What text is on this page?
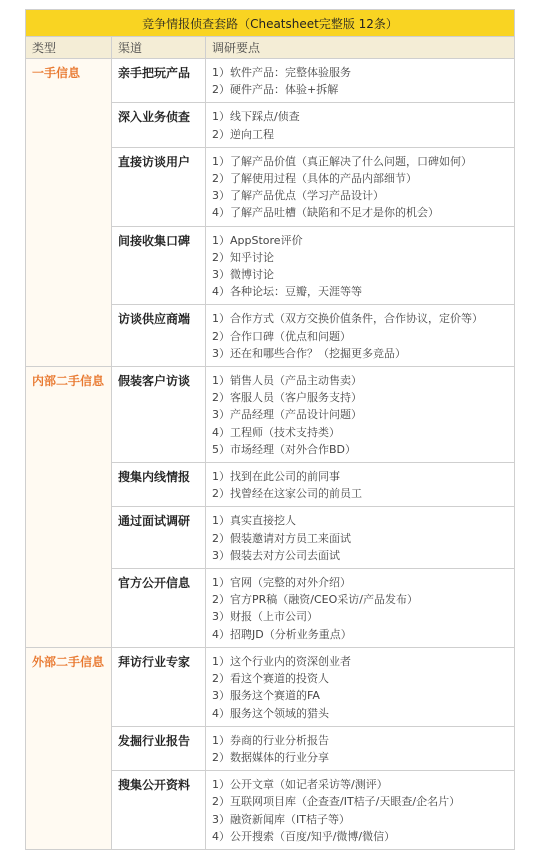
竞争情报侦查套路（Cheatsheet完整版 12条）		
类型	渠道	调研要点
一手信息	亲手把玩产品	1）软件产品：完整体验服务
2）硬件产品：体验+拆解

	深入业务侦查	1）线下踩点/侦查
2）逆向工程

	直接访谈用户	1）了解产品价值（真正解决了什么问题，口碑如何）
2）了解使用过程（具体的产品内部细节）
3）了解产品优点（学习产品设计）
4）了解产品吐槽（缺陷和不足才是你的机会）

	间接收集口碑	1）AppStore评价
2）知乎讨论
3）微博讨论
4）各种论坛：豆瓣，天涯等等

	访谈供应商端	1）合作方式（双方交换价值条件，合作协议，定价等）
2）合作口碑（优点和问题）
3）还在和哪些合作？（挖掘更多竞品）

内部二手信息	假装客户访谈	1）销售人员（产品主动售卖）
2）客服人员（客户服务支持）
3）产品经理（产品设计问题）
4）工程师（技术支持类）
5）市场经理（对外合作BD）

	搜集内线情报	1）找到在此公司的前同事
2）找曾经在这家公司的前员工

	通过面试调研	1）真实直接挖人
2）假装邀请对方员工来面试
3）假装去对方公司去面试

	官方公开信息	1）官网（完整的对外介绍）
2）官方PR稿（融资/CEO采访/产品发布）
3）财报（上市公司）
4）招聘JD（分析业务重点）

外部二手信息	拜访行业专家	1）这个行业内的资深创业者
2）看这个赛道的投资人
3）服务这个赛道的FA
4）服务这个领域的猎头

	发掘行业报告	1）券商的行业分析报告
2）数据媒体的行业分享

	搜集公开资料	1）公开文章（如记者采访等/测评）
2）互联网项目库（企查查/IT桔子/天眼查/企名片）
3）融资新闻库（IT桔子等）
4）公开搜索（百度/知乎/微博/微信）
